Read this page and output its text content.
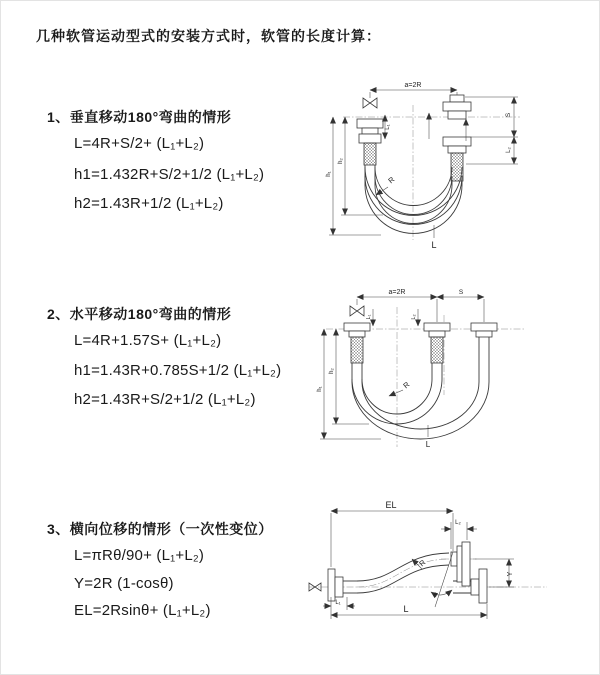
几种软管运动型式的安装方式时，软管的长度计算：
1、垂直移动180°弯曲的情形
L=4R+S/2+ (L₁+L₂)
h1=1.432R+S/2+1/2 (L₁+L₂)
h2=1.43R+1/2 (L₁+L₂)
2、水平移动180°弯曲的情形
L=4R+1.57S+ (L₁+L₂)
h1=1.43R+0.785S+1/2 (L₁+L₂)
h2=1.43R+S/2+1/2 (L₁+L₂)
3、横向位移的情形（一次性变位）
L=πRθ/90+ (L₁+L₂)
Y=2R (1-cosθ)
EL=2Rsinθ+ (L₁+L₂)
a=2R
S
L₂
h₁
h₂
L₁
R
L
a=2R	S
h₁
h₂
L₁	L₂
R
L
EL
L₂
Y
R
θ
L₁
L
